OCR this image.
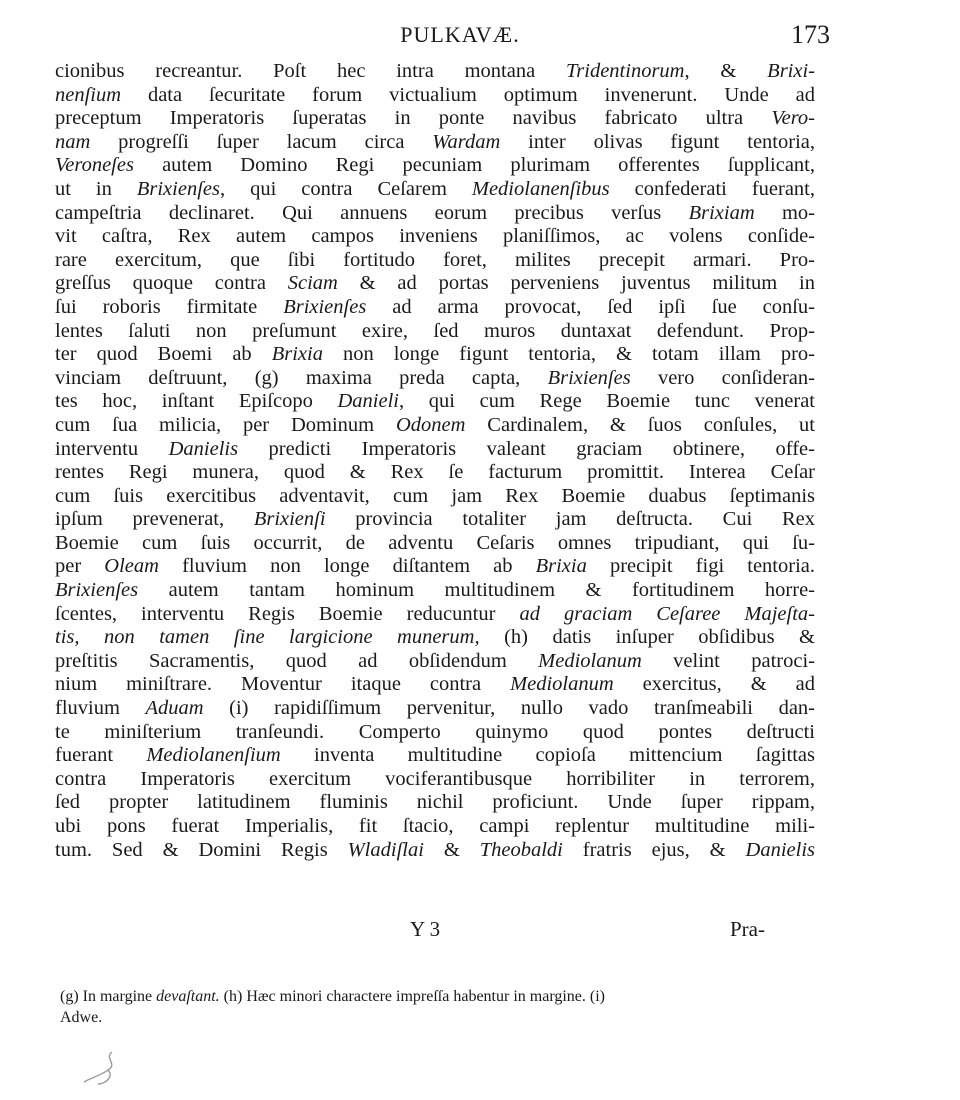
PULKAVÆ.	173
cionibus recreantur. Poſt hec intra montana Tridentinorum, & Brixi-
nenſium data ſecuritate forum victualium optimum invenerunt. Unde ad
preceptum Imperatoris ſuperatas in ponte navibus fabricato ultra Vero-
nam progreſſi ſuper lacum circa Wardam inter olivas figunt tentoria,
Veroneſes autem Domino Regi pecuniam plurimam offerentes ſupplicant,
ut in Brixienſes, qui contra Ceſarem Mediolanenſibus confederati fuerant,
campeſtria declinaret. Qui annuens eorum precibus verſus Brixiam mo-
vit caſtra, Rex autem campos inveniens planiſſimos, ac volens conſide-
rare exercitum, que ſibi fortitudo foret, milites precepit armari. Pro-
greſſus quoque contra Sciam & ad portas perveniens juventus militum in
ſui roboris firmitate Brixienſes ad arma provocat, ſed ipſi ſue conſu-
lentes ſaluti non preſumunt exire, ſed muros duntaxat defendunt. Prop-
ter quod Boemi ab Brixia non longe figunt tentoria, & totam illam pro-
vinciam deſtruunt, (g) maxima preda capta, Brixienſes vero conſideran-
tes hoc, inſtant Epiſcopo Danieli, qui cum Rege Boemie tunc venerat
cum ſua milicia, per Dominum Odonem Cardinalem, & ſuos conſules, ut
interventu Danielis predicti Imperatoris valeant graciam obtinere, offe-
rentes Regi munera, quod & Rex ſe facturum promittit. Interea Ceſar
cum ſuis exercitibus adventavit, cum jam Rex Boemie duabus ſeptimanis
ipſum prevenerat, Brixienſi provincia totaliter jam deſtructa. Cui Rex
Boemie cum ſuis occurrit, de adventu Ceſaris omnes tripudiant, qui ſu-
per Oleam fluvium non longe diſtantem ab Brixia precipit figi tentoria.
Brixienſes autem tantam hominum multitudinem & fortitudinem horre-
ſcentes, interventu Regis Boemie reducuntur ad graciam Ceſaree Majeſta-
tis, non tamen ſine largicione munerum, (h) datis inſuper obſidibus &
preſtitis Sacramentis, quod ad obſidendum Mediolanum velint patroci-
nium miniſtrare. Moventur itaque contra Mediolanum exercitus, & ad
fluvium Aduam (i) rapidiſſimum pervenitur, nullo vado tranſmeabili dan-
te miniſterium tranſeundi. Comperto quinymo quod pontes deſtructi
fuerant Mediolanenſium inventa multitudine copioſa mittencium ſagittas
contra Imperatoris exercitum vociferantibusque horribiliter in terrorem,
ſed propter latitudinem fluminis nichil proficiunt. Unde ſuper rippam,
ubi pons fuerat Imperialis, fit ſtacio, campi replentur multitudine mili-
tum. Sed & Domini Regis Wladiſlai & Theobaldi fratris ejus, & Danielis
Y 3	Pra-
(g) In margine devaſtant. (h) Hæc minori charactere impreſſa habentur in margine. (i)
Adwe.
